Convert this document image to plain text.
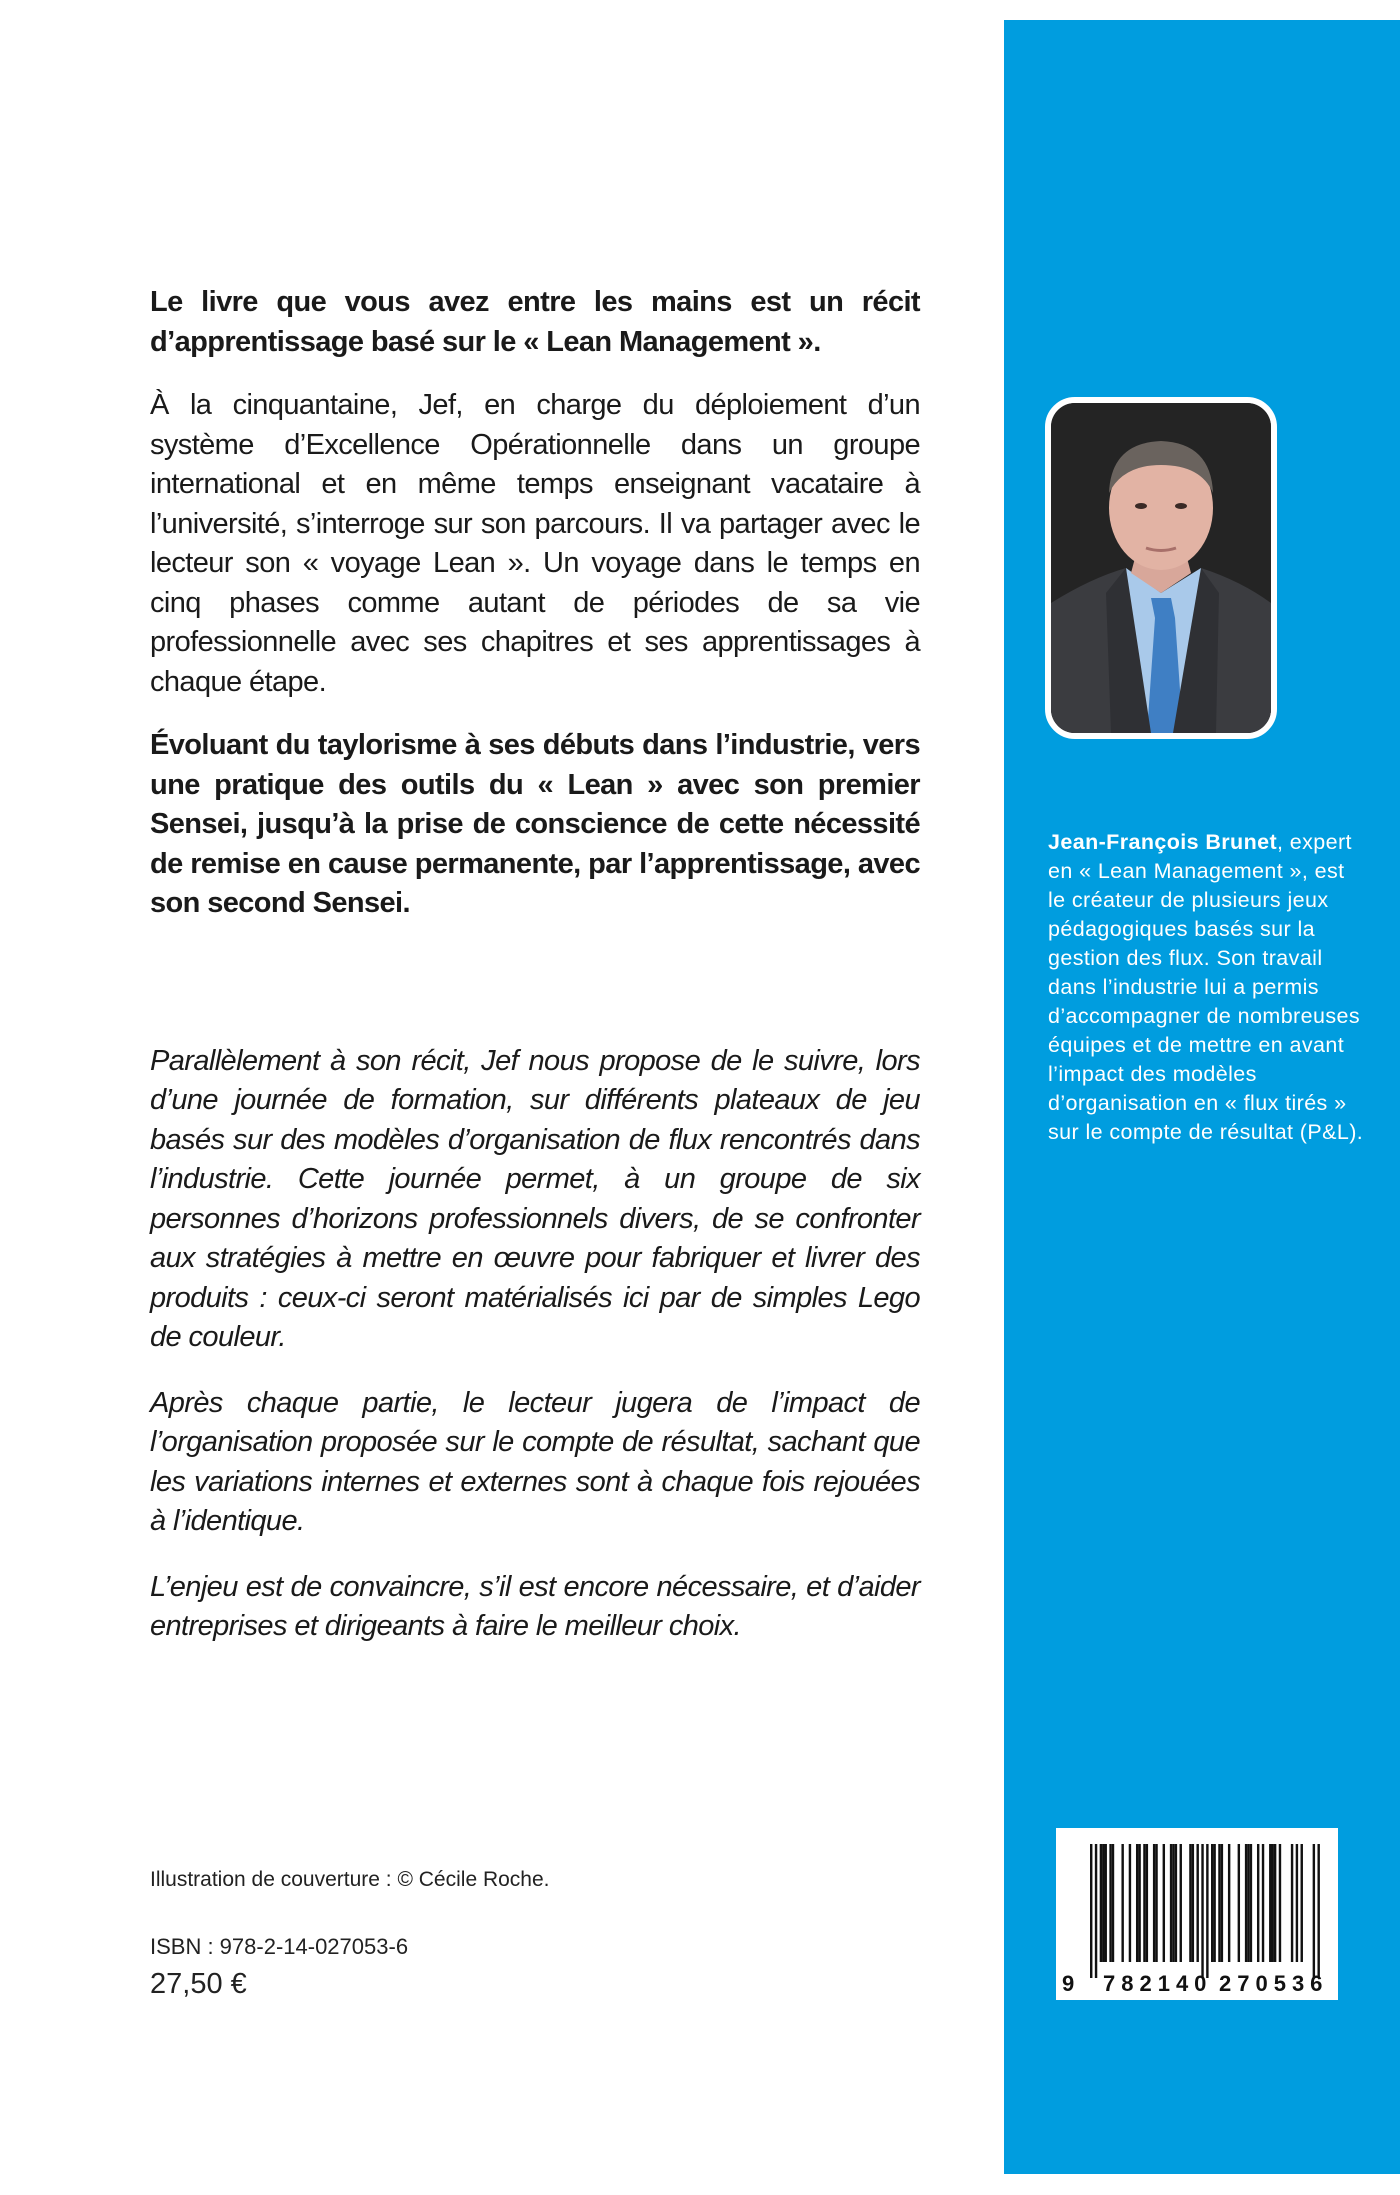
Le livre que vous avez entre les mains est un récit d’apprentissage basé sur le « Lean Management ».

À la cinquantaine, Jef, en charge du déploiement d’un système d’Excellence Opérationnelle dans un groupe international et en même temps enseignant vacataire à l’université, s’interroge sur son parcours. Il va partager avec le lecteur son « voyage Lean ». Un voyage dans le temps en cinq phases comme autant de périodes de sa vie professionnelle avec ses chapitres et ses apprentissages à chaque étape.

Évoluant du taylorisme à ses débuts dans l’industrie, vers une pratique des outils du « Lean » avec son premier Sensei, jusqu’à la prise de conscience de cette nécessité de remise en cause permanente, par l’apprentissage, avec son second Sensei.

Parallèlement à son récit, Jef nous propose de le suivre, lors d’une journée de formation, sur différents plateaux de jeu basés sur des modèles d’organisation de flux rencontrés dans l’industrie. Cette journée permet, à un groupe de six personnes d’horizons professionnels divers, de se confronter aux stratégies à mettre en œuvre pour fabriquer et livrer des produits : ceux-ci seront matérialisés ici par de simples Lego de couleur.

Après chaque partie, le lecteur jugera de l’impact de l’organisation proposée sur le compte de résultat, sachant que les variations internes et externes sont à chaque fois rejouées à l’identique.

L’enjeu est de convaincre, s’il est encore nécessaire, et d’aider entreprises et dirigeants à faire le meilleur choix.

Illustration de couverture : © Cécile Roche.
ISBN : 978-2-14-027053-6
27,50 €
Jean-François Brunet, expert en « Lean Management », est le créateur de plusieurs jeux pédagogiques basés sur la gestion des flux. Son travail dans l’industrie lui a permis d’accompagner de nombreuses équipes et de mettre en avant l’impact des modèles d’organisation en « flux tirés » sur le compte de résultat (P&L).
9 782140 270536
